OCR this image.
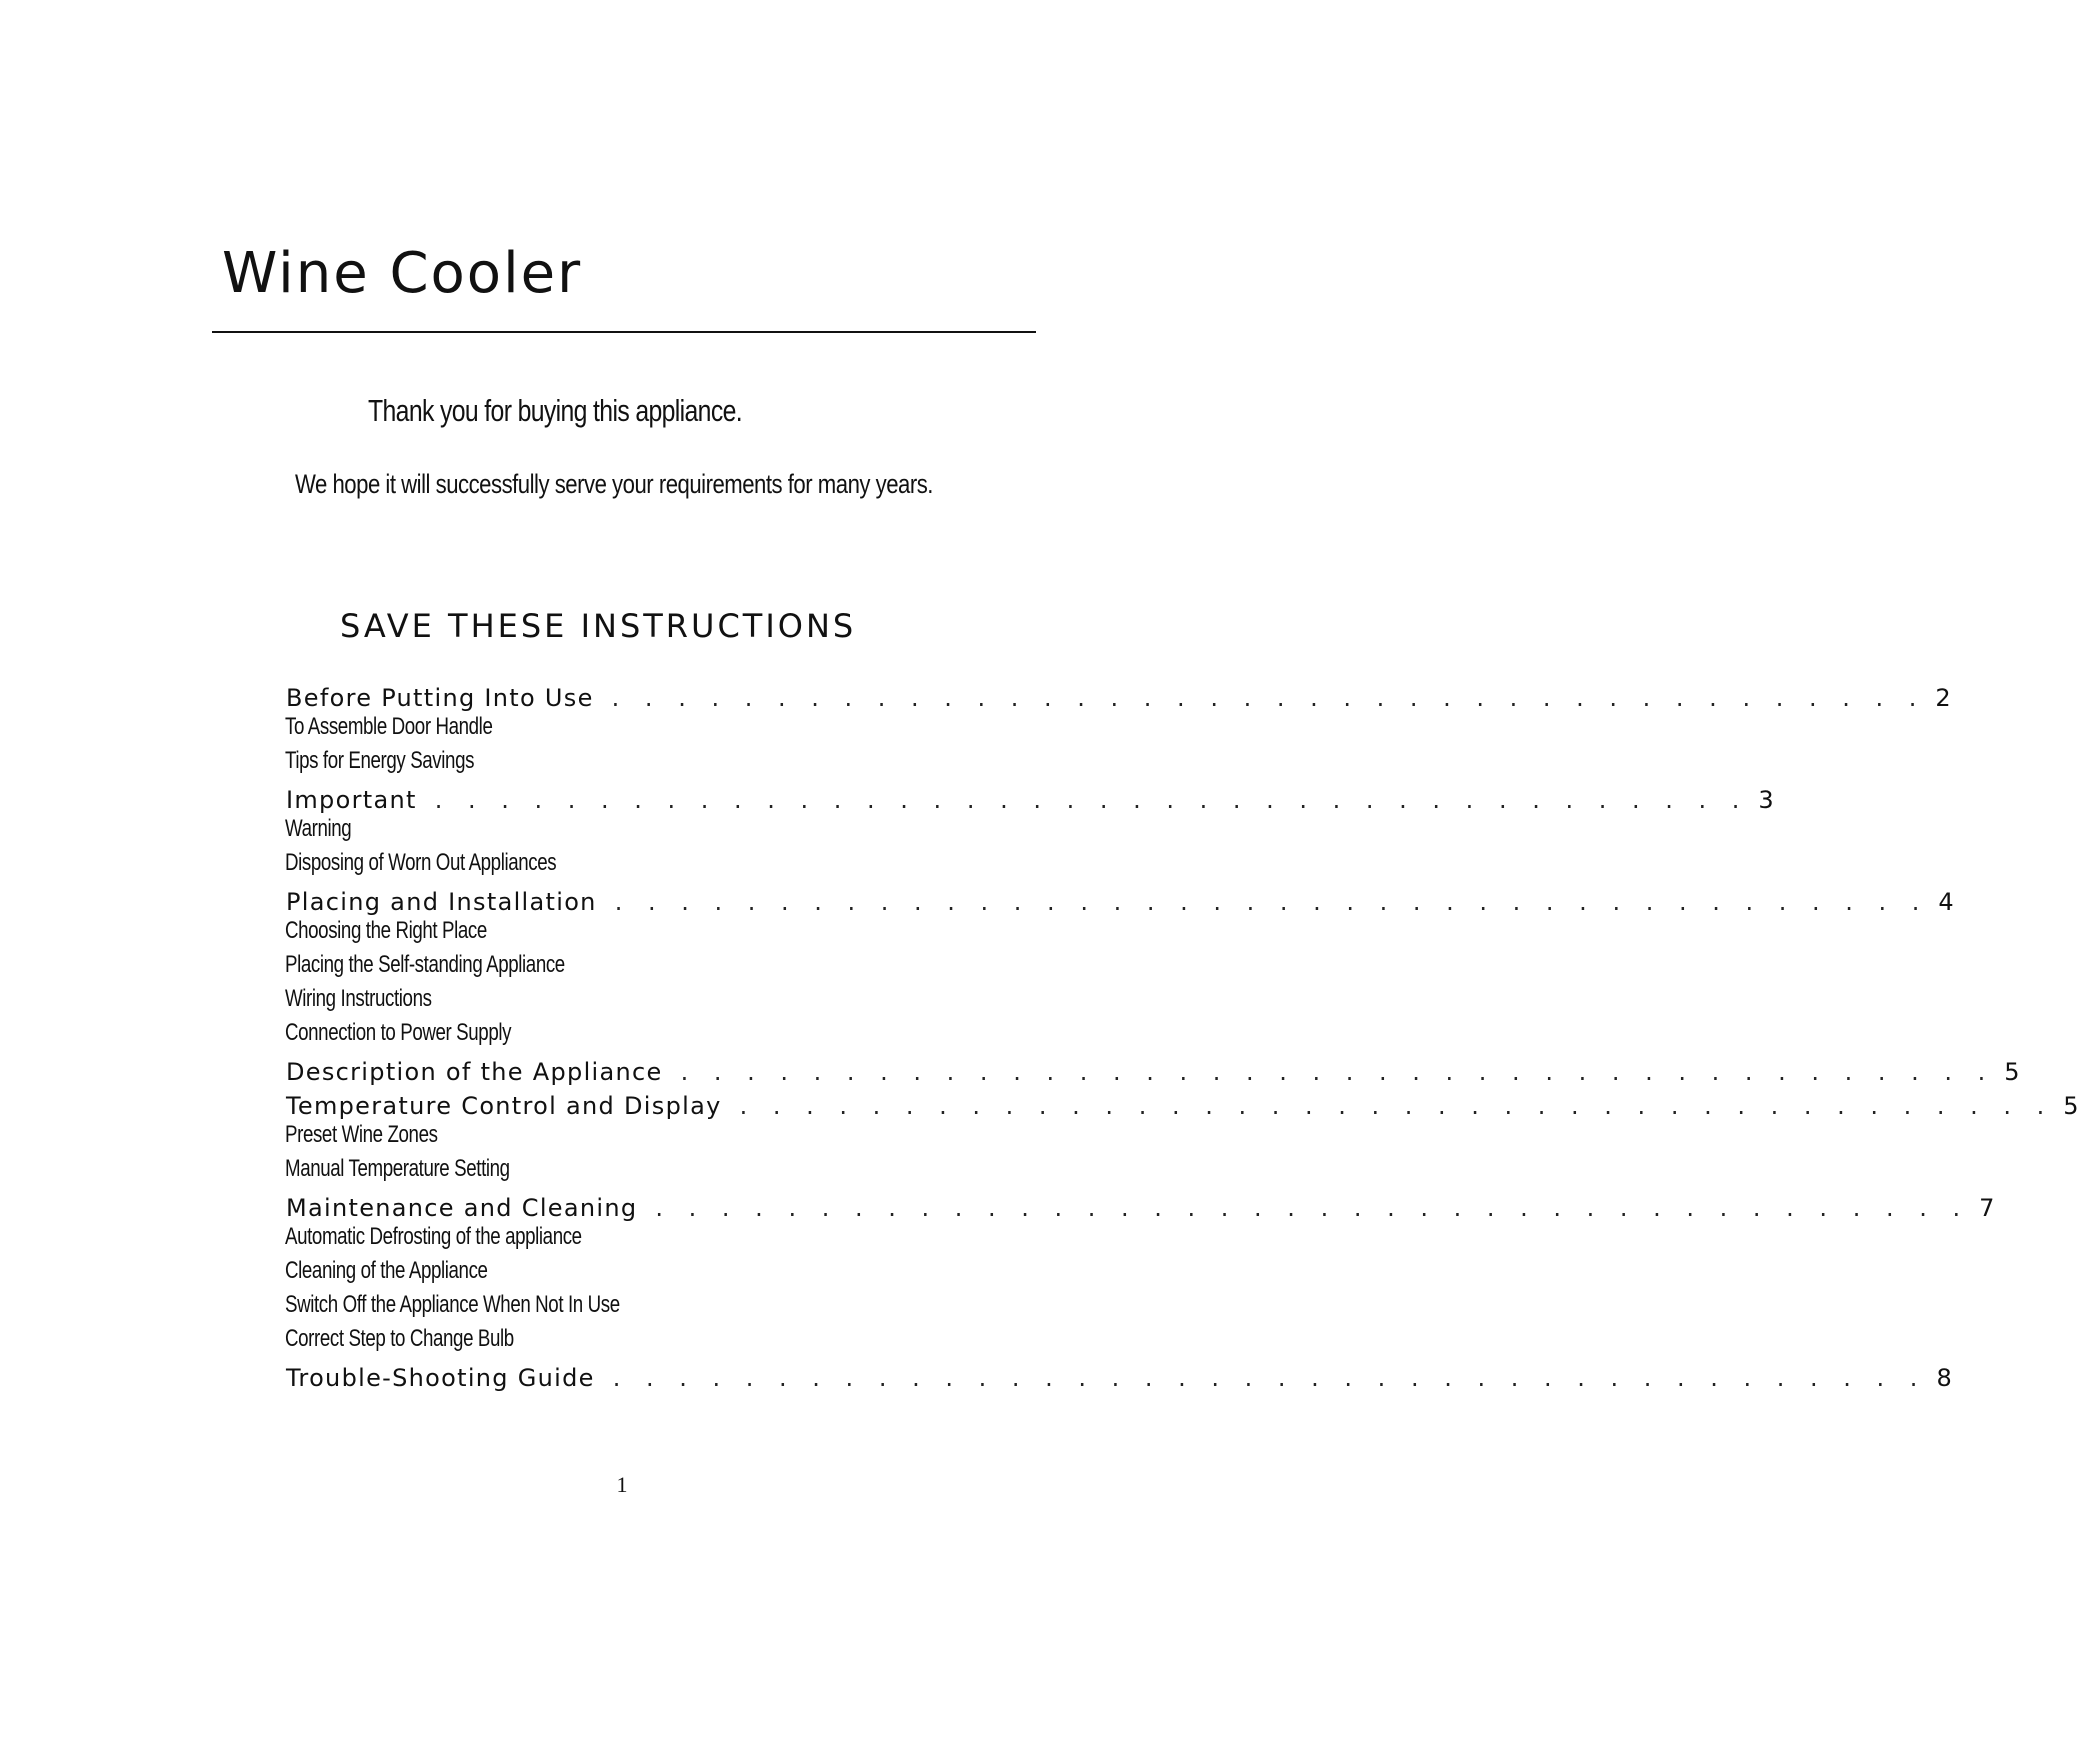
Wine Cooler
Thank you for buying this appliance.
We hope it will successfully serve your requirements for many years.
SAVE THESE INSTRUCTIONS
Before Putting Into Use . . . . . . . . . . . . . . . . . . . . . . . . . . . . . . . . . . . . . . . . 2
To Assemble Door Handle
Tips for Energy Savings
Important . . . . . . . . . . . . . . . . . . . . . . . . . . . . . . . . . . . . . . . . 3
Warning
Disposing of Worn Out Appliances
Placing and Installation . . . . . . . . . . . . . . . . . . . . . . . . . . . . . . . . . . . . . . . . 4
Choosing the Right Place
Placing the Self-standing Appliance
Wiring Instructions
Connection to Power Supply
Description of the Appliance . . . . . . . . . . . . . . . . . . . . . . . . . . . . . . . . . . . . . . . . 5
Temperature Control and Display . . . . . . . . . . . . . . . . . . . . . . . . . . . . . . . . . . . . . . . . 5
Preset Wine Zones
Manual Temperature Setting
Maintenance and Cleaning . . . . . . . . . . . . . . . . . . . . . . . . . . . . . . . . . . . . . . . . 7
Automatic Defrosting of the appliance
Cleaning of the Appliance
Switch Off the Appliance When Not In Use
Correct Step to Change Bulb
Trouble-Shooting Guide . . . . . . . . . . . . . . . . . . . . . . . . . . . . . . . . . . . . . . . . 8
1
